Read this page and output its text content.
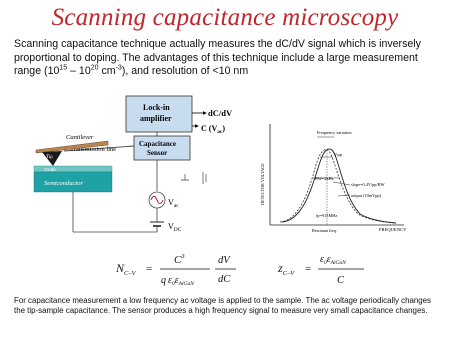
Scanning capacitance microscopy
Scanning capacitance technique actually measures the dC/dV signal which is inversely proportional to doping. The advantages of this technique include a large measurement range ($10^{15} - 10^{20}$ $cm^{-3}$), and resolution of <10 nm
Lock-in
amplifier
dC/dV
C $(V_{ac})$
Capacitance
Sensor
Transmission line
Cantilever
Tip
Oxide
Semiconductor
$V_{ac}$
$V_{DC}$
DETECTOR VOLTAGE
FREQUENCY
Frequency variation
Vpp
BW=2kHz
slope=0.4V/pp/BW
output (10mVpp)
fp=915MHz
Resonant freq.
$N_{C-V}$ =
$C^3$
q $\varepsilon_0\varepsilon_{AlGaN}$
dV
dC
$z_{C-V}$ =
$\varepsilon_0\varepsilon_{AlGaN}$
C
For capacitance measurement a low frequency ac voltage is applied to the sample. The ac voltage periodically changes the tip-sample capacitance. The sensor produces a high frequency signal to measure very small capacitance changes.
